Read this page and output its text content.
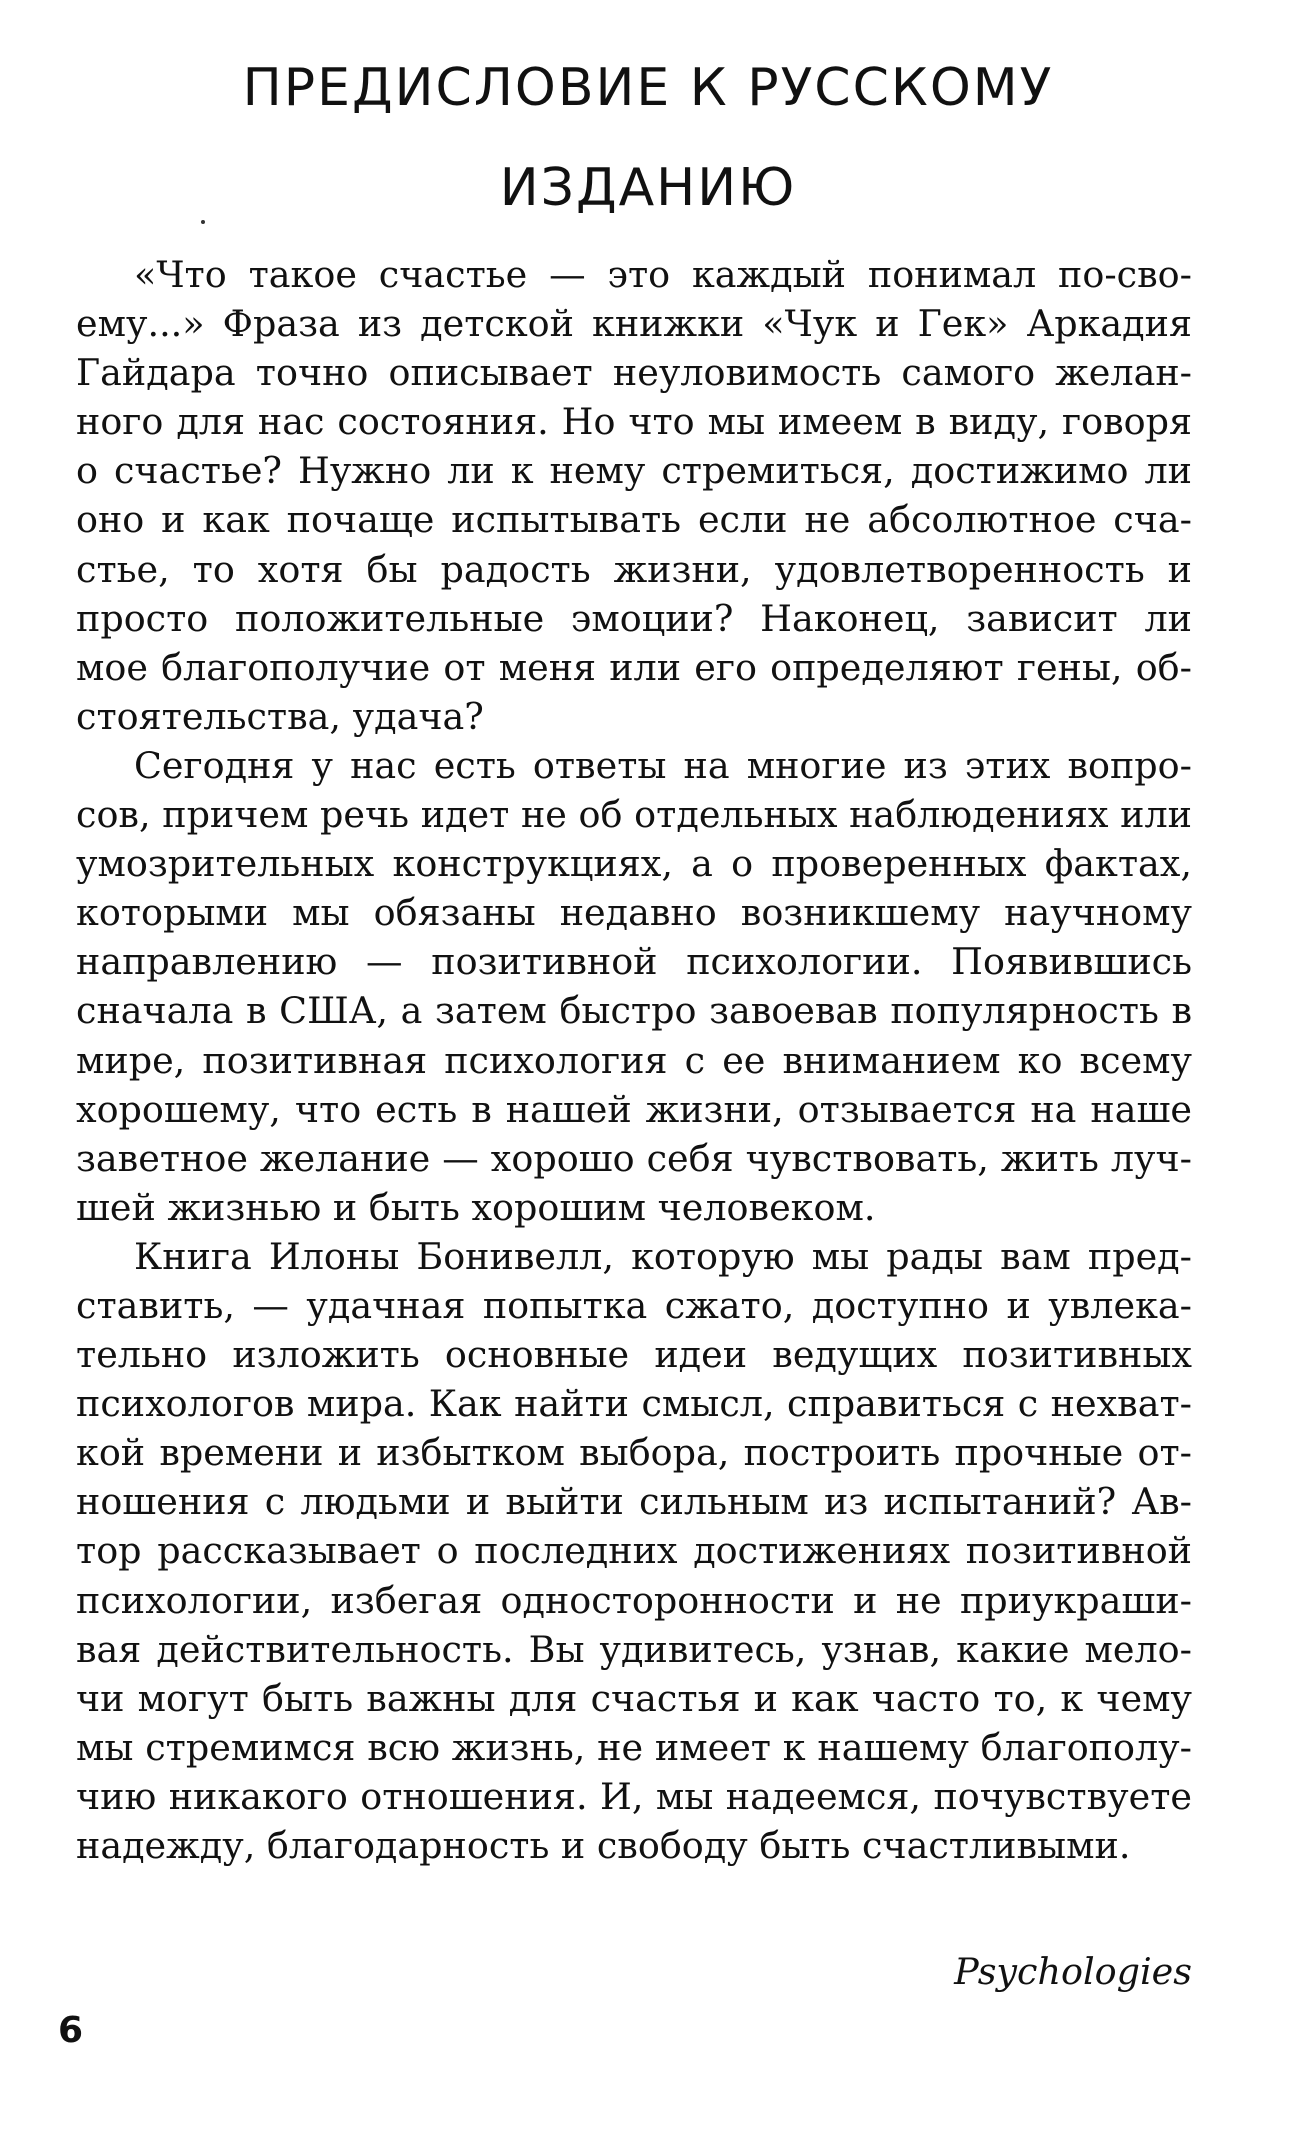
ПРЕДИСЛОВИЕ К РУССКОМУ
ИЗДАНИЮ

«Что такое счастье — это каждый понимал по-своему...» Фраза из детской книжки «Чук и Гек» Аркадия Гайдара точно описывает неуловимость самого желанного для нас состояния. Но что мы имеем в виду, говоря о счастье? Нужно ли к нему стремиться, достижимо ли оно и как почаще испытывать если не абсолютное счастье, то хотя бы радость жизни, удовлетворенность и просто положительные эмоции? Наконец, зависит ли мое благополучие от меня или его определяют гены, обстоятельства, удача?

Сегодня у нас есть ответы на многие из этих вопросов, причем речь идет не об отдельных наблюдениях или умозрительных конструкциях, а о проверенных фактах, которыми мы обязаны недавно возникшему научному направлению — позитивной психологии. Появившись сначала в США, а затем быстро завоевав популярность в мире, позитивная психология с ее вниманием ко всему хорошему, что есть в нашей жизни, отзывается на наше заветное желание — хорошо себя чувствовать, жить лучшей жизнью и быть хорошим человеком.

Книга Илоны Бонивелл, которую мы рады вам представить, — удачная попытка сжато, доступно и увлекательно изложить основные идеи ведущих позитивных психологов мира. Как найти смысл, справиться с нехваткой времени и избытком выбора, построить прочные отношения с людьми и выйти сильным из испытаний? Автор рассказывает о последних достижениях позитивной психологии, избегая односторонности и не приукрашивая действительность. Вы удивитесь, узнав, какие мелочи могут быть важны для счастья и как часто то, к чему мы стремимся всю жизнь, не имеет к нашему благополучию никакого отношения. И, мы надеемся, почувствуете надежду, благодарность и свободу быть счастливыми.

Psychologies
6
